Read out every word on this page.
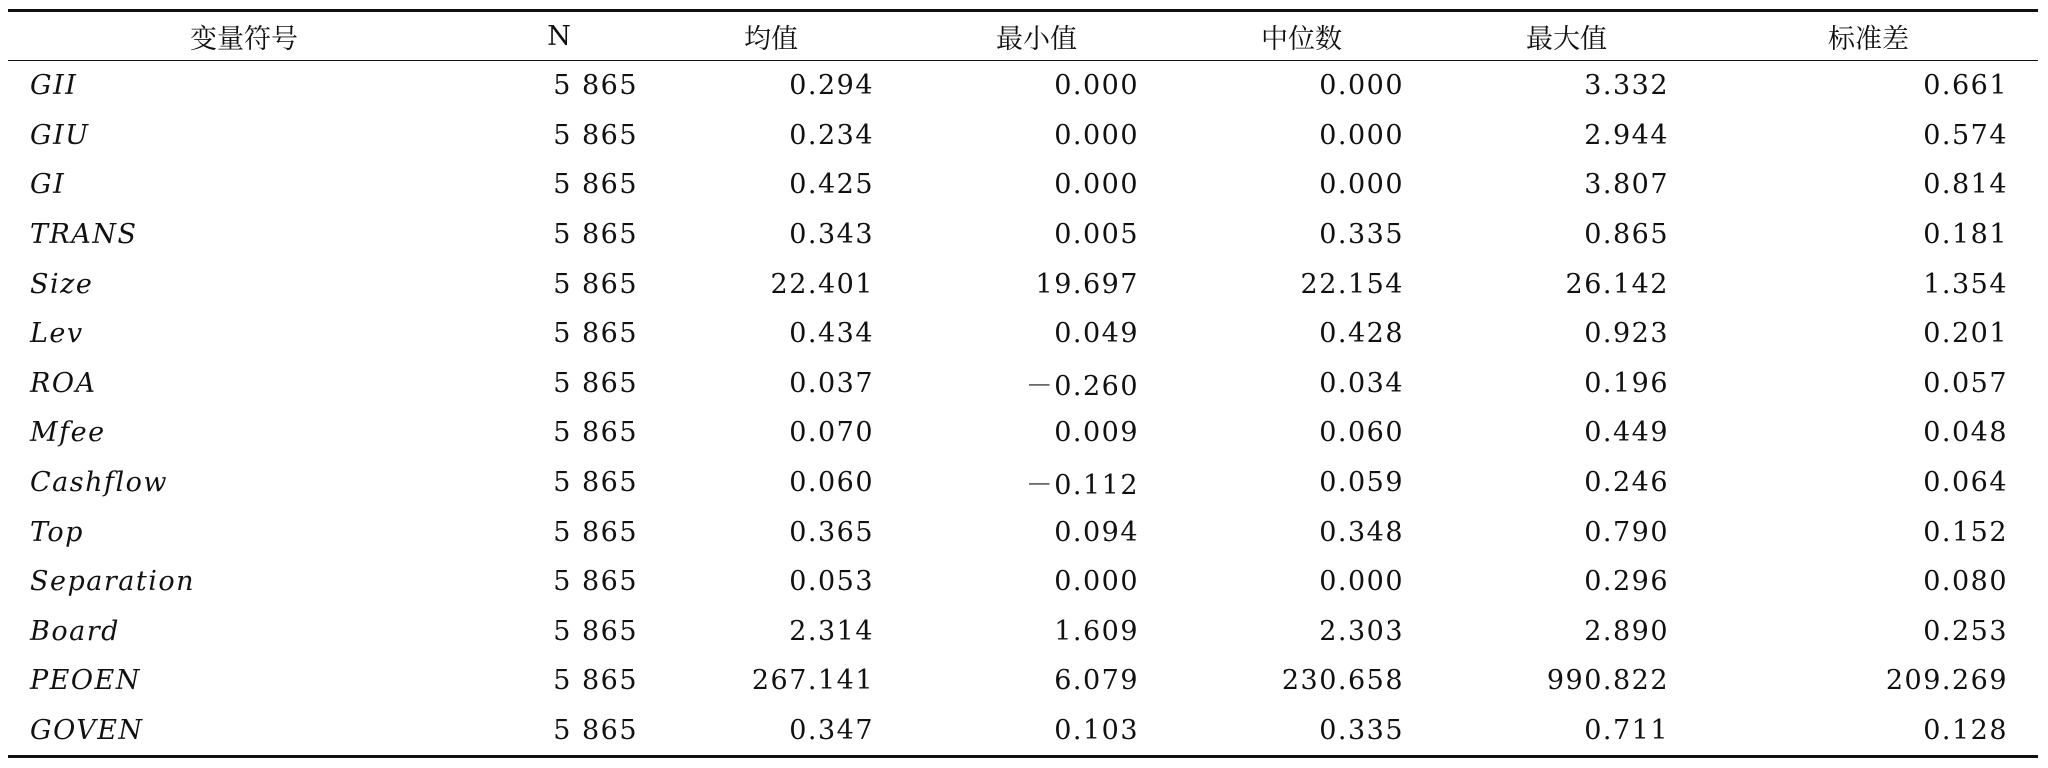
变量符号	N	均值	最小值	中位数	最大值	标准差
GII	5 865	0.294	0.000	0.000	3.332	0.661
GIU	5 865	0.234	0.000	0.000	2.944	0.574
GI	5 865	0.425	0.000	0.000	3.807	0.814
TRANS	5 865	0.343	0.005	0.335	0.865	0.181
Size	5 865	22.401	19.697	22.154	26.142	1.354
Lev	5 865	0.434	0.049	0.428	0.923	0.201
ROA	5 865	0.037	－0.260	0.034	0.196	0.057
Mfee	5 865	0.070	0.009	0.060	0.449	0.048
Cashflow	5 865	0.060	－0.112	0.059	0.246	0.064
Top	5 865	0.365	0.094	0.348	0.790	0.152
Separation	5 865	0.053	0.000	0.000	0.296	0.080
Board	5 865	2.314	1.609	2.303	2.890	0.253
PEOEN	5 865	267.141	6.079	230.658	990.822	209.269
GOVEN	5 865	0.347	0.103	0.335	0.711	0.128
